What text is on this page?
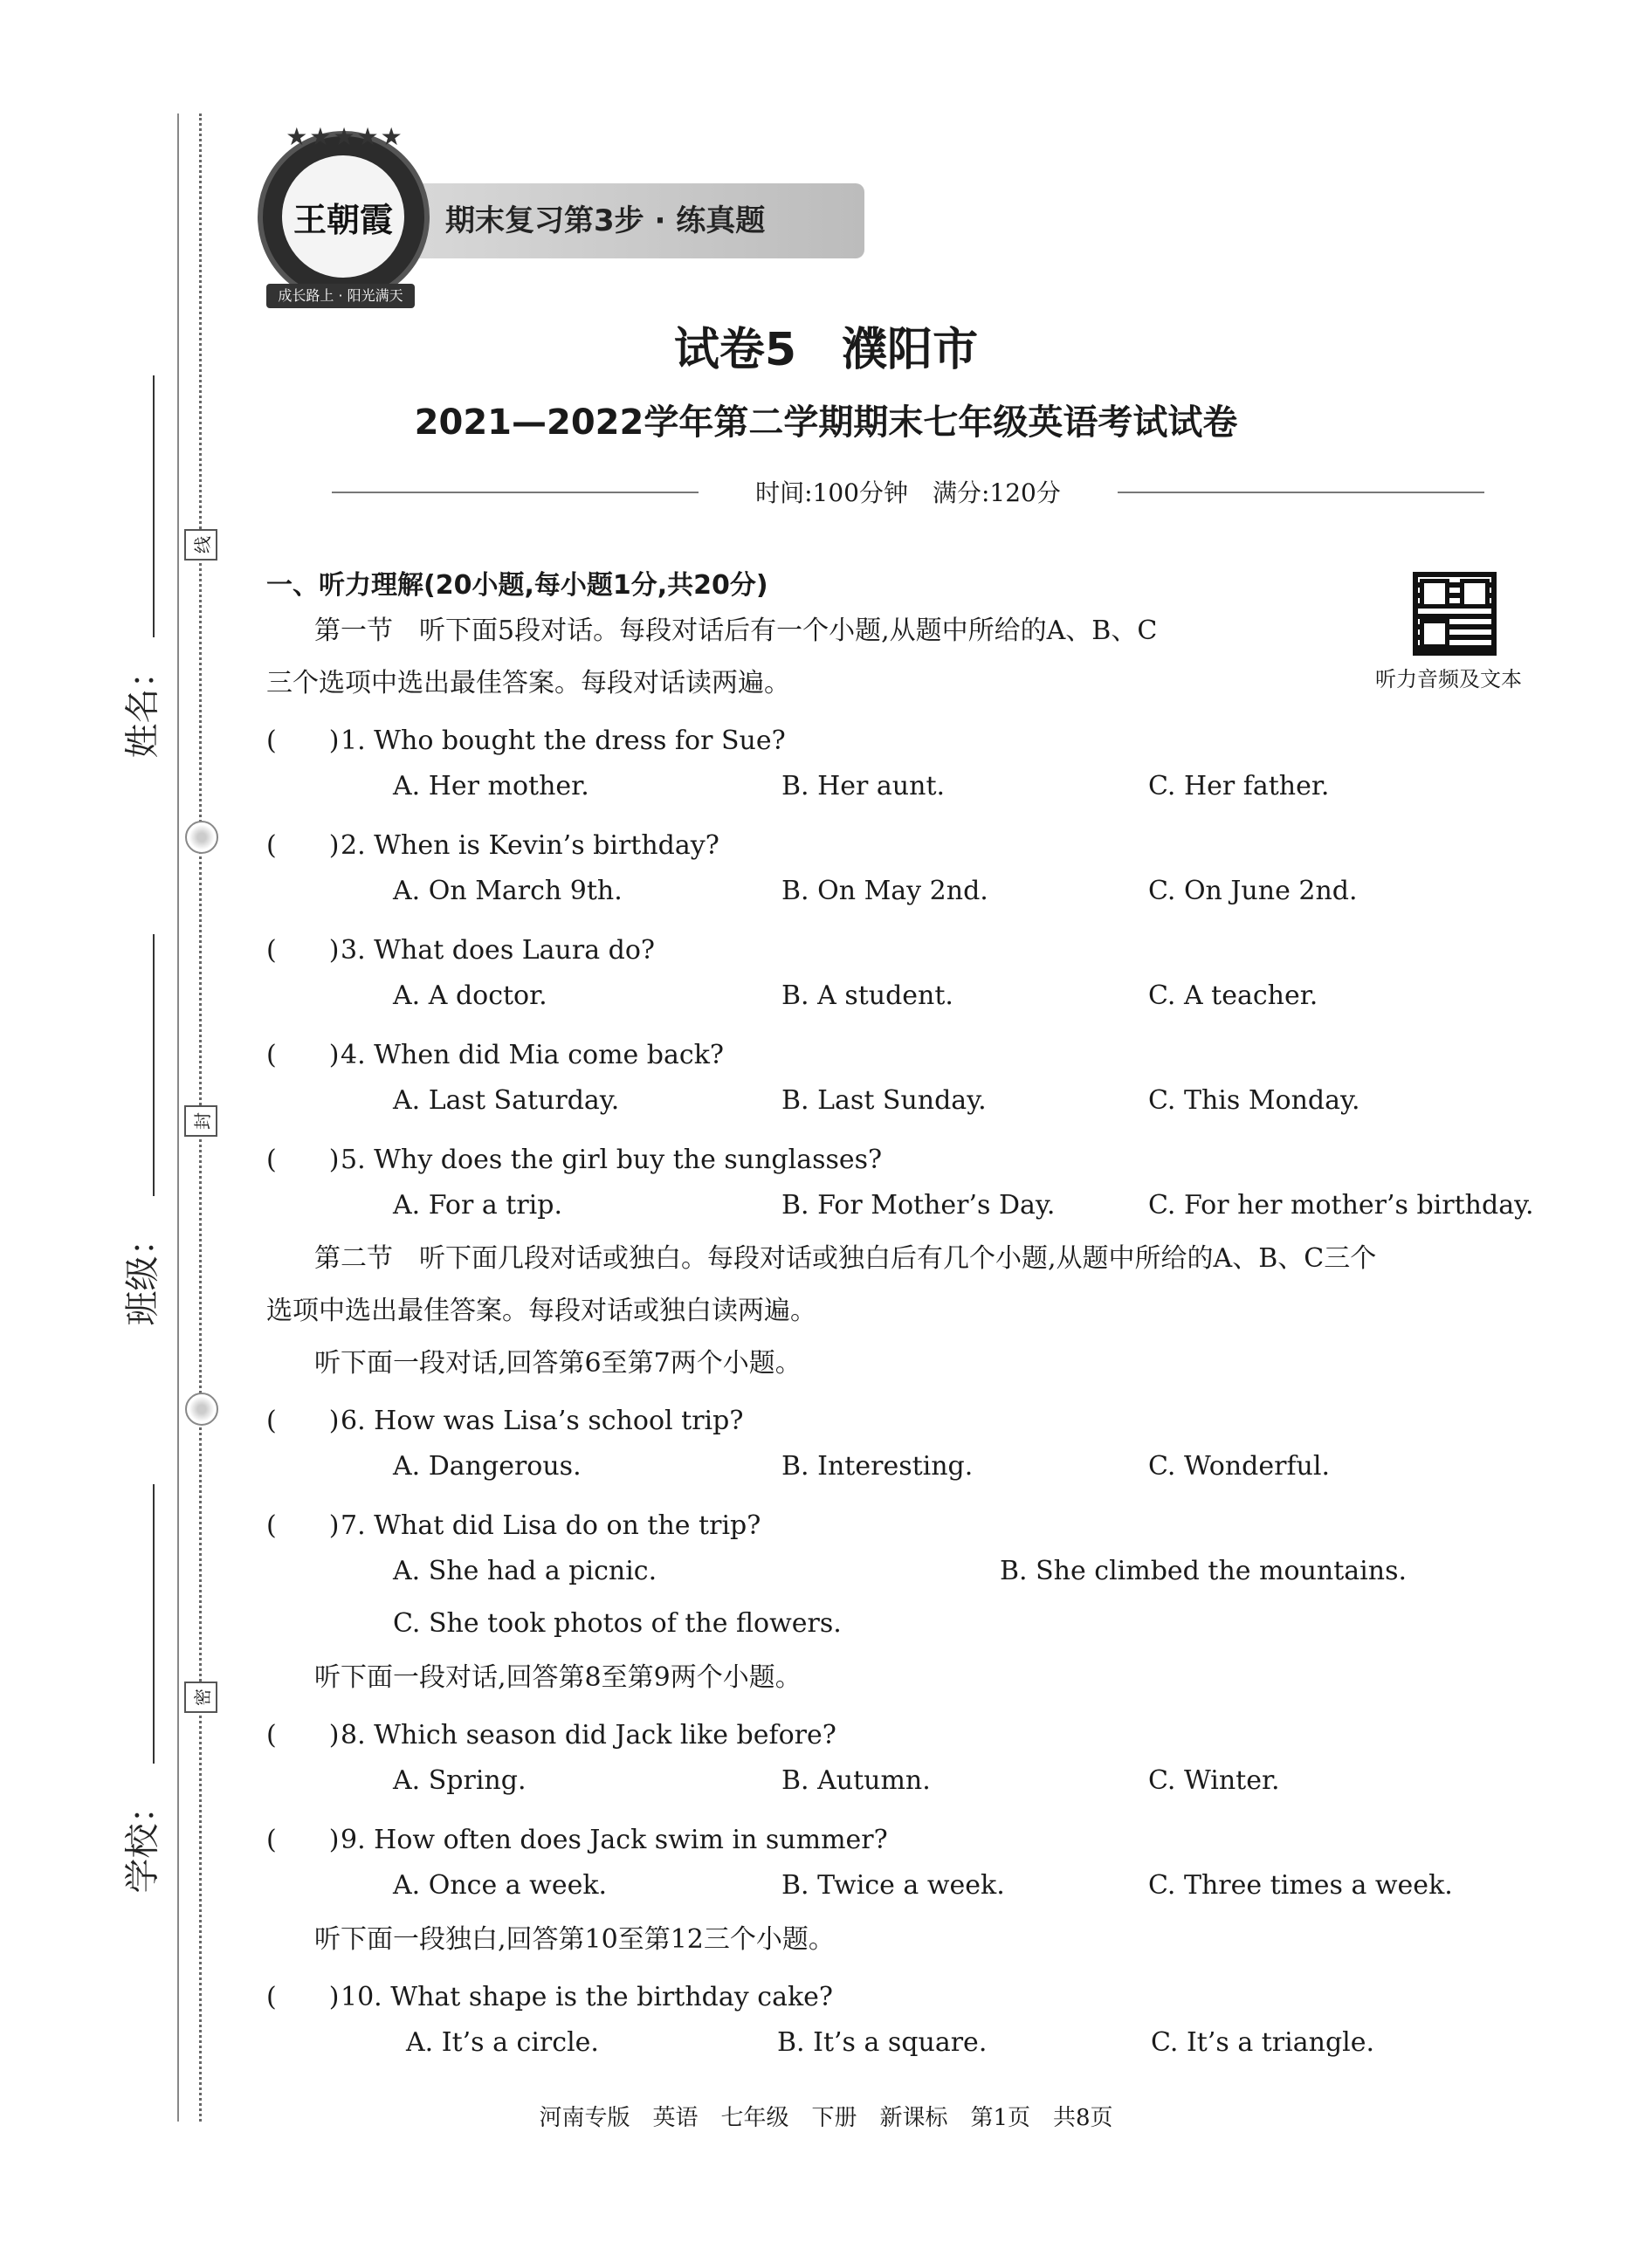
姓名：
班级：
学校：
线
封
密
期末复习第3步 · 练真题
王朝霞
★★★★★
成长路上 · 阳光满天
试卷5　濮阳市
2021—2022学年第二学期期末七年级英语考试试卷
时间:100分钟　满分:120分
听力音频及文本
一、听力理解(20小题,每小题1分,共20分)
第一节　听下面5段对话。每段对话后有一个小题,从题中所给的A、B、C
三个选项中选出最佳答案。每段对话读两遍。
(　　)1. Who bought the dress for Sue?
A. Her mother.	B. Her aunt.	C. Her father.
(　　)2. When is Kevin’s birthday?
A. On March 9th.	B. On May 2nd.	C. On June 2nd.
(　　)3. What does Laura do?
A. A doctor.	B. A student.	C. A teacher.
(　　)4. When did Mia come back?
A. Last Saturday.	B. Last Sunday.	C. This Monday.
(　　)5. Why does the girl buy the sunglasses?
A. For a trip.	B. For Mother’s Day.	C. For her mother’s birthday.
第二节　听下面几段对话或独白。每段对话或独白后有几个小题,从题中所给的A、B、C三个
选项中选出最佳答案。每段对话或独白读两遍。
听下面一段对话,回答第6至第7两个小题。
(　　)6. How was Lisa’s school trip?
A. Dangerous.	B. Interesting.	C. Wonderful.
(　　)7. What did Lisa do on the trip?
A. She had a picnic.	B. She climbed the mountains.
C. She took photos of the flowers.
听下面一段对话,回答第8至第9两个小题。
(　　)8. Which season did Jack like before?
A. Spring.	B. Autumn.	C. Winter.
(　　)9. How often does Jack swim in summer?
A. Once a week.	B. Twice a week.	C. Three times a week.
听下面一段独白,回答第10至第12三个小题。
(　　)10. What shape is the birthday cake?
A. It’s a circle.	B. It’s a square.	C. It’s a triangle.
河南专版　英语　七年级　下册　新课标　第1页　共8页
